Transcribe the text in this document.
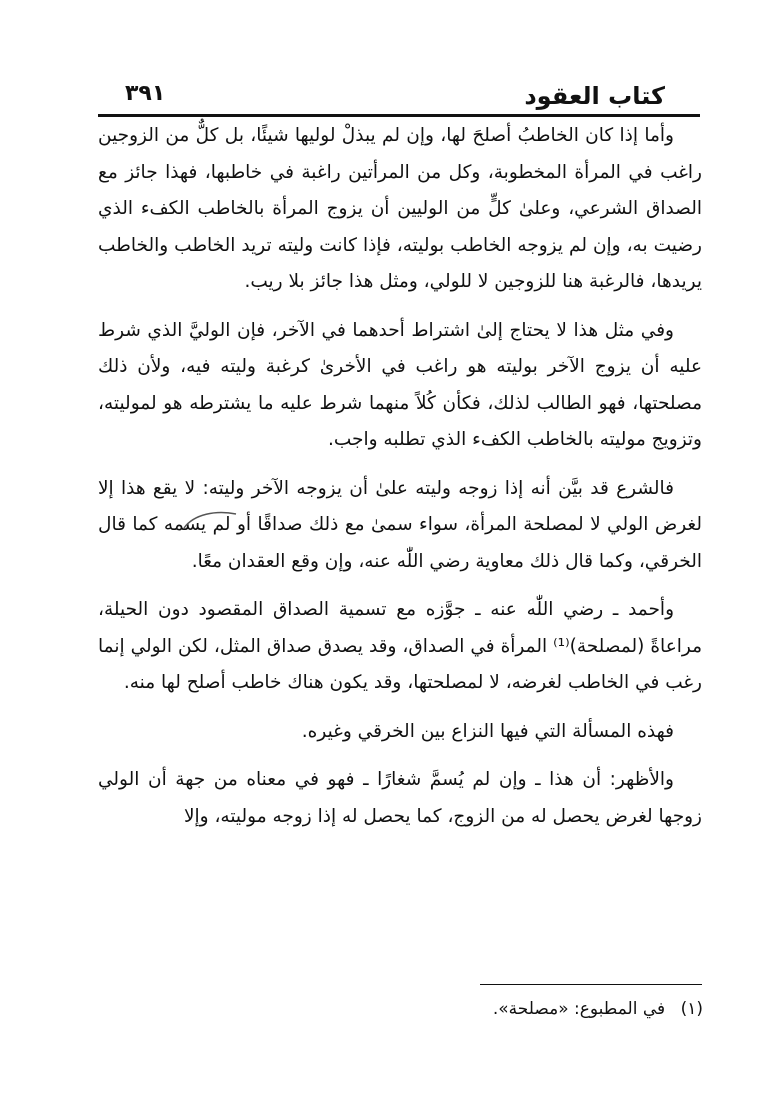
كتاب العقود
٣٩١

وأما إذا كان الخاطبُ أصلحَ لها، وإن لم يبذلْ لوليها شيئًا، بل كلٌّ من الزوجين راغب في المرأة المخطوبة، وكل من المرأتين راغبة في خاطبها، فهذا جائز مع الصداق الشرعي، وعلىٰ كلٍّ من الوليين أن يزوج المرأة بالخاطب الكفء الذي رضيت به، وإن لم يزوجه الخاطب بوليته، فإذا كانت وليته تريد الخاطب والخاطب يريدها، فالرغبة هنا للزوجين لا للولي، ومثل هذا جائز بلا ريب.

وفي مثل هذا لا يحتاج إلىٰ اشتراط أحدهما في الآخر، فإن الوليَّ الذي شرط عليه أن يزوج الآخر بوليته هو راغب في الأخرىٰ كرغبة وليته فيه، ولأن ذلك مصلحتها، فهو الطالب لذلك، فكأن كُلاً منهما شرط عليه ما يشترطه هو لموليته، وتزويج موليته بالخاطب الكفء الذي تطلبه واجب.

فالشرع قد بيَّن أنه إذا زوجه وليته علىٰ أن يزوجه الآخر وليته: لا يقع هذا إلا لغرض الولي لا لمصلحة المرأة، سواء سمىٰ مع ذلك صداقًا أو لم يسمه كما قال الخرقي، وكما قال ذلك معاوية رضي اللّٰه عنه، وإن وقع العقدان معًا.

وأحمد ـ رضي اللّٰه عنه ـ جوَّزه مع تسمية الصداق المقصود دون الحيلة، مراعاةً (لمصلحة)⁽¹⁾ المرأة في الصداق، وقد يصدق صداق المثل، لكن الولي إنما رغب في الخاطب لغرضه، لا لمصلحتها، وقد يكون هناك خاطب أصلح لها منه.

فهذه المسألة التي فيها النزاع بين الخرقي وغيره.

والأظهر: أن هذا ـ وإن لم يُسمَّ شغارًا ـ فهو في معناه من جهة أن الولي زوجها لغرض يحصل له من الزوج، كما يحصل له إذا زوجه موليته، وإلا

(١) في المطبوع: «مصلحة».
